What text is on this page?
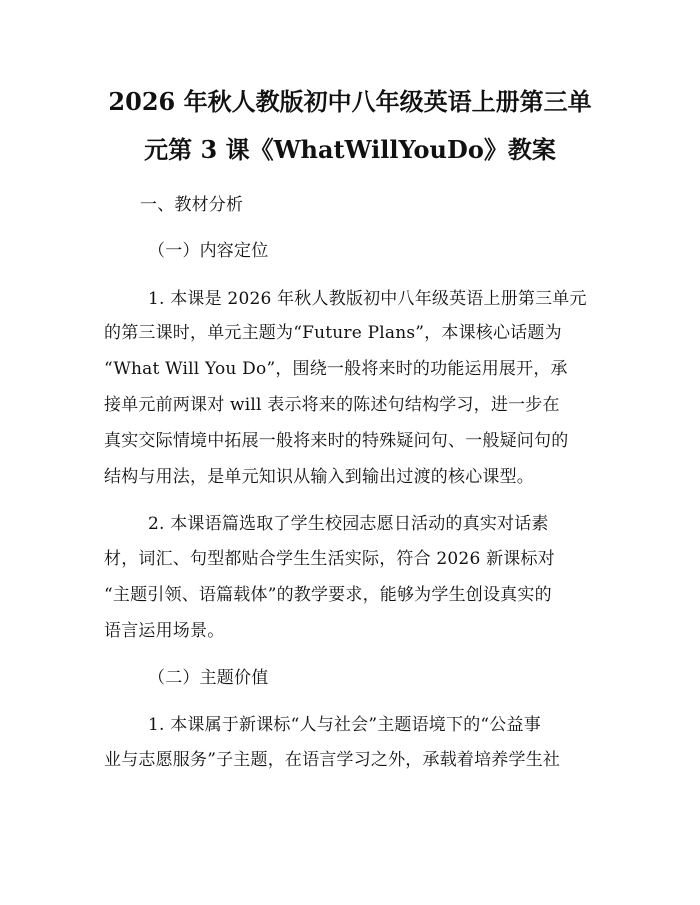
2026 年秋人教版初中八年级英语上册第三单
元第 3 课《WhatWillYouDo》教案
一、教材分析
（一）内容定位
1. 本课是 2026 年秋人教版初中八年级英语上册第三单元
的第三课时，单元主题为“Future Plans”，本课核心话题为
“What Will You Do”，围绕一般将来时的功能运用展开，承
接单元前两课对 will 表示将来的陈述句结构学习，进一步在
真实交际情境中拓展一般将来时的特殊疑问句、一般疑问句的
结构与用法，是单元知识从输入到输出过渡的核心课型。
2. 本课语篇选取了学生校园志愿日活动的真实对话素
材，词汇、句型都贴合学生生活实际，符合 2026 新课标对
“主题引领、语篇载体”的教学要求，能够为学生创设真实的
语言运用场景。
（二）主题价值
1. 本课属于新课标“人与社会”主题语境下的“公益事
业与志愿服务”子主题，在语言学习之外，承载着培养学生社
